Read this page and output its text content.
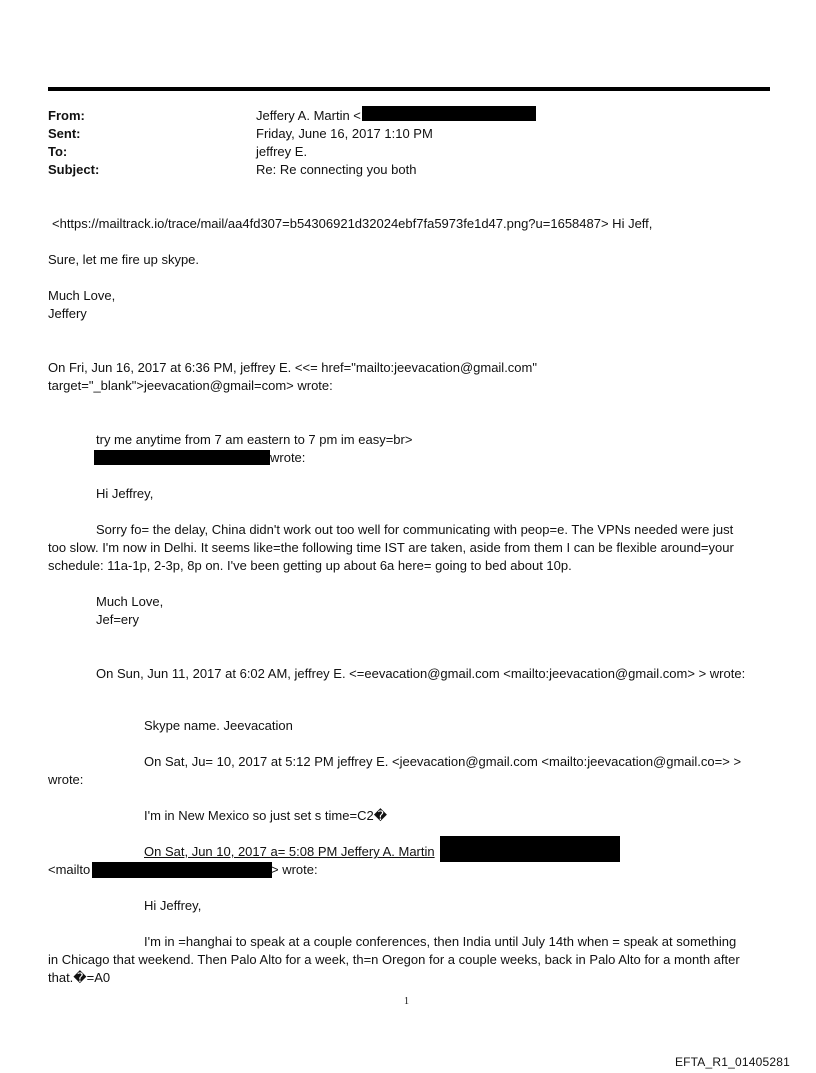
From:	Jeffery A. Martin <
Sent:	Friday, June 16, 2017 1:10 PM
To:	jeffrey E.
Subject:	Re: Re connecting you both
<https://mailtrack.io/trace/mail/aa4fd307=b54306921d32024ebf7fa5973fe1d47.png?u=1658487> Hi Jeff,
Sure, let me fire up skype.
Much Love,
Jeffery
On Fri, Jun 16, 2017 at 6:36 PM, jeffrey E. <<= href="mailto:jeevacation@gmail.com"
target="_blank">jeevacation@gmail=com> wrote:
try me anytime from 7 am eastern to 7 pm im easy=br>
wrote:
Hi Jeffrey,
Sorry fo= the delay, China didn't work out too well for communicating with peop=e. The VPNs needed were just
too slow. I'm now in Delhi. It seems like=the following time IST are taken, aside from them I can be flexible around=your
schedule: 11a-1p, 2-3p, 8p on. I've been getting up about 6a here= going to bed about 10p.
Much Love,
Jef=ery
On Sun, Jun 11, 2017 at 6:02 AM, jeffrey E. <=eevacation@gmail.com <mailto:jeevacation@gmail.com> > wrote:
Skype name. Jeevacation
On Sat, Ju= 10, 2017 at 5:12 PM jeffrey E. <jeevacation@gmail.com <mailto:jeevacation@gmail.co=> >
wrote:
I'm in New Mexico so just set s time=C2�
On Sat, Jun 10, 2017 a= 5:08 PM Jeffery A. Martin
<mailto	> wrote:
Hi Jeffrey,
I'm in =hanghai to speak at a couple conferences, then India until July 14th when = speak at something
in Chicago that weekend. Then Palo Alto for a week, th=n Oregon for a couple weeks, back in Palo Alto for a month after
that.�=A0
1
EFTA_R1_01405281
